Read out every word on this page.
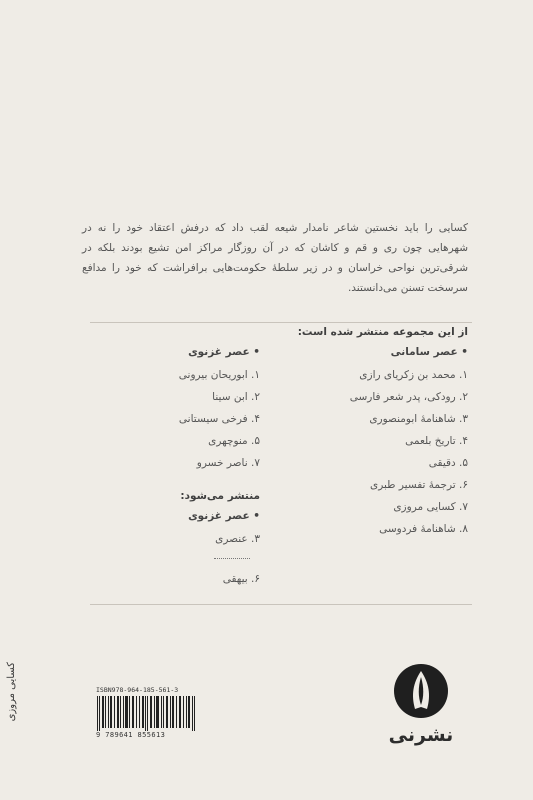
کسایی را باید نخستین شاعر نامدار شیعه لقب داد که درفش اعتقاد خود را نه در شهرهایی چون ری و قم و کاشان که در آن روزگار مراکز امن تشیع بودند بلکه در شرقی‌ترین نواحی خراسان و در زیر سلطهٔ حکومت‌هایی برافراشت که خود را مدافع سرسخت تسنن می‌دانستند.

از این مجموعه منتشر شده است:
• عصر سامانی
۱. محمد بن زکریای رازی
۲. رودکی، پدر شعر فارسی
۳. شاهنامهٔ ابومنصوری
۴. تاریخ بلعمی
۵. دقیقی
۶. ترجمهٔ تفسیر طبری
۷. کسایی مروزی
۸. شاهنامهٔ فردوسی
• عصر غزنوی
۱. ابوریحان بیرونی
۲. ابن سینا
۴. فرخی سیستانی
۵. منوچهری
۷. ناصر خسرو
منتشر می‌شود:
• عصر غزنوی
۳. عنصری
۶. بیهقی
کسایی مروزی	ISBN978-964-185-561-3
9 789641 855613	نشرنی
